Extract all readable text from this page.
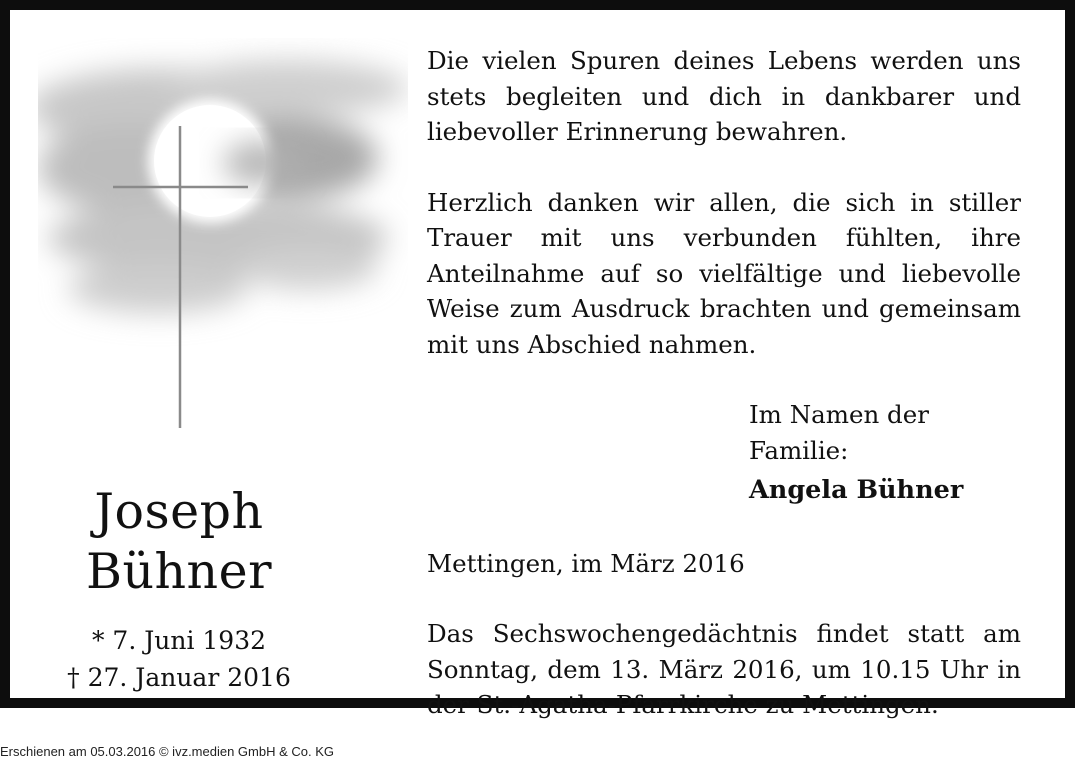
Joseph
Bühner
* 7. Juni 1932
† 27. Januar 2016

Die vielen Spuren deines Lebens werden uns stets begleiten und dich in dankbarer und liebevoller Erinnerung bewahren.

Herzlich danken wir allen, die sich in stiller Trauer mit uns verbunden fühlten, ihre Anteilnahme auf so vielfältige und liebevolle Weise zum Ausdruck brachten und gemeinsam mit uns Abschied nahmen.

Im Namen der Familie:
Angela Bühner
Mettingen, im März 2016

Das Sechswochengedächtnis findet statt am Sonntag, dem 13. März 2016, um 10.15 Uhr in der St.-Agatha-Pfarrkirche zu Mettingen.

Erschienen am 05.03.2016 © ivz.medien GmbH & Co. KG
